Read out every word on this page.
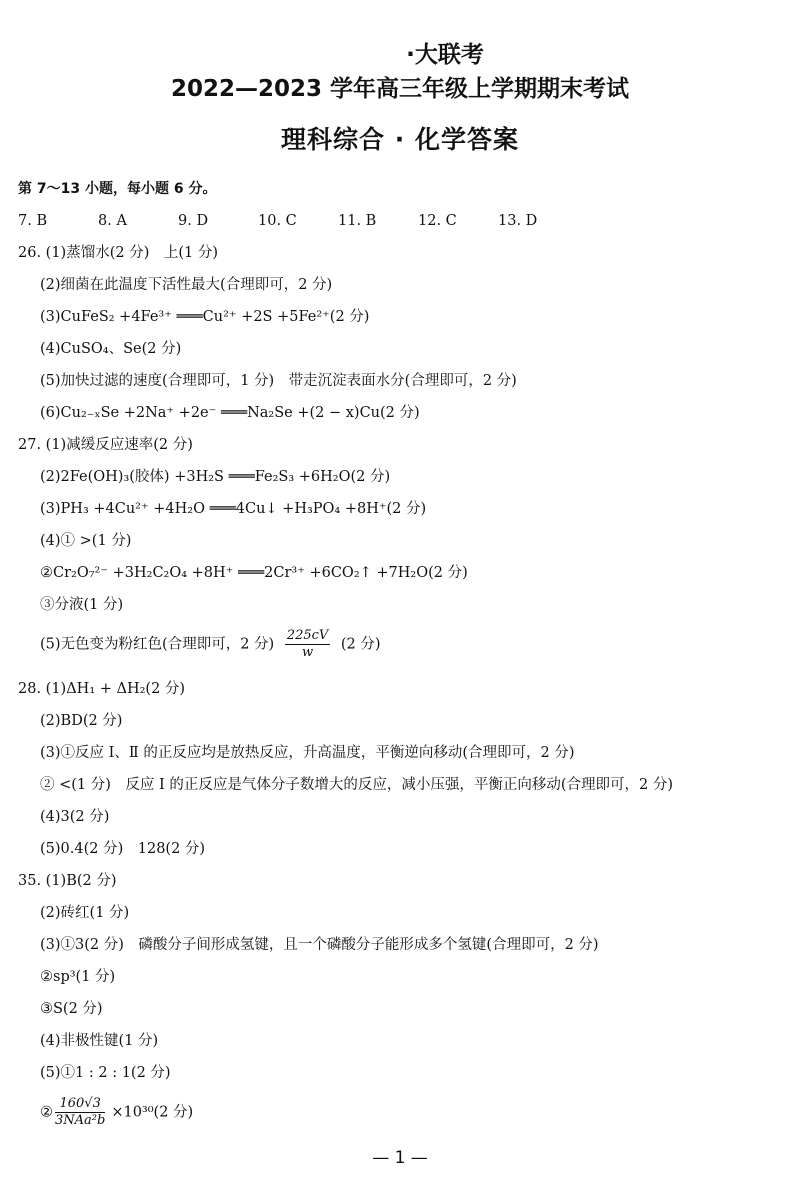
·大联考
2022—2023 学年高三年级上学期期末考试
理科综合 · 化学答案
第 7～13 小题，每小题 6 分。
7. B	8. A	9. D	10. C	11. B	12. C	13. D
26. (1)蒸馏水(2 分)　上(1 分)
(2)细菌在此温度下活性最大(合理即可，2 分)
(3)CuFeS₂ +4Fe³⁺ ═══Cu²⁺ +2S +5Fe²⁺(2 分)
(4)CuSO₄、Se(2 分)
(5)加快过滤的速度(合理即可，1 分)　带走沉淀表面水分(合理即可，2 分)
(6)Cu₂₋ₓSe +2Na⁺ +2e⁻ ═══Na₂Se +(2 − x)Cu(2 分)
27. (1)减缓反应速率(2 分)
(2)2Fe(OH)₃(胶体) +3H₂S ═══Fe₂S₃ +6H₂O(2 分)
(3)PH₃ +4Cu²⁺ +4H₂O ═══4Cu↓ +H₃PO₄ +8H⁺(2 分)
(4)① >(1 分)
②Cr₂O₇²⁻ +3H₂C₂O₄ +8H⁺ ═══2Cr³⁺ +6CO₂↑ +7H₂O(2 分)
③分液(1 分)
(5)无色变为粉红色(合理即可，2 分) $\frac{225cV}{w} (2$ 分)
28. (1)ΔH₁ + ΔH₂(2 分)
(2)BD(2 分)
(3)①反应 Ⅰ、Ⅱ 的正反应均是放热反应，升高温度，平衡逆向移动(合理即可，2 分)
② <(1 分)　反应 Ⅰ 的正反应是气体分子数增大的反应，减小压强，平衡正向移动(合理即可，2 分)
(4)3(2 分)
(5)0.4(2 分)　128(2 分)
35. (1)B(2 分)
(2)砖红(1 分)
(3)①3(2 分)　磷酸分子间形成氢键，且一个磷酸分子能形成多个氢键(合理即可，2 分)
②sp³(1 分)
③S(2 分)
(4)非极性键(1 分)
(5)①1 : 2 : 1(2 分)
② $\frac{160√3}{\text{3NAa²b}} \times 10^{30}(2$ 分)
— 1 —
